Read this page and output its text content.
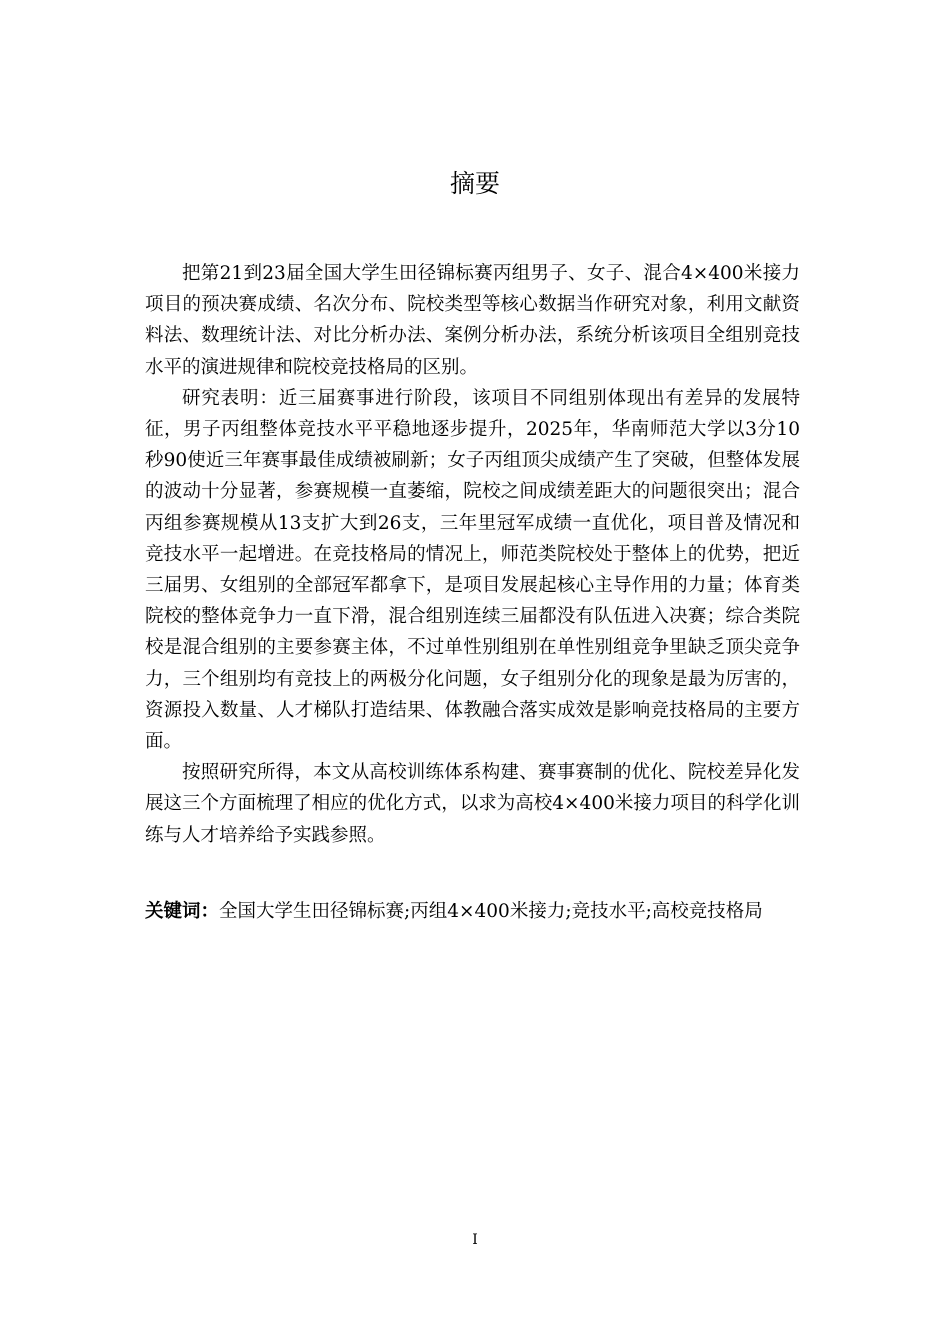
摘要

把第21到23届全国大学生田径锦标赛丙组男子、女子、混合4×400米接力项目的预决赛成绩、名次分布、院校类型等核心数据当作研究对象，利用文献资料法、数理统计法、对比分析办法、案例分析办法，系统分析该项目全组别竞技水平的演进规律和院校竞技格局的区别。

研究表明：近三届赛事进行阶段，该项目不同组别体现出有差异的发展特征，男子丙组整体竞技水平平稳地逐步提升，2025年，华南师范大学以3分10秒90使近三年赛事最佳成绩被刷新；女子丙组顶尖成绩产生了突破，但整体发展的波动十分显著，参赛规模一直萎缩，院校之间成绩差距大的问题很突出；混合丙组参赛规模从13支扩大到26支，三年里冠军成绩一直优化，项目普及情况和竞技水平一起增进。在竞技格局的情况上，师范类院校处于整体上的优势，把近三届男、女组别的全部冠军都拿下，是项目发展起核心主导作用的力量；体育类院校的整体竞争力一直下滑，混合组别连续三届都没有队伍进入决赛；综合类院校是混合组别的主要参赛主体，不过单性别组别在单性别组竞争里缺乏顶尖竞争力，三个组别均有竞技上的两极分化问题，女子组别分化的现象是最为厉害的，资源投入数量、人才梯队打造结果、体教融合落实成效是影响竞技格局的主要方面。

按照研究所得，本文从高校训练体系构建、赛事赛制的优化、院校差异化发展这三个方面梳理了相应的优化方式，以求为高校4×400米接力项目的科学化训练与人才培养给予实践参照。

关键词：全国大学生田径锦标赛;丙组4×400米接力;竞技水平;高校竞技格局
I
